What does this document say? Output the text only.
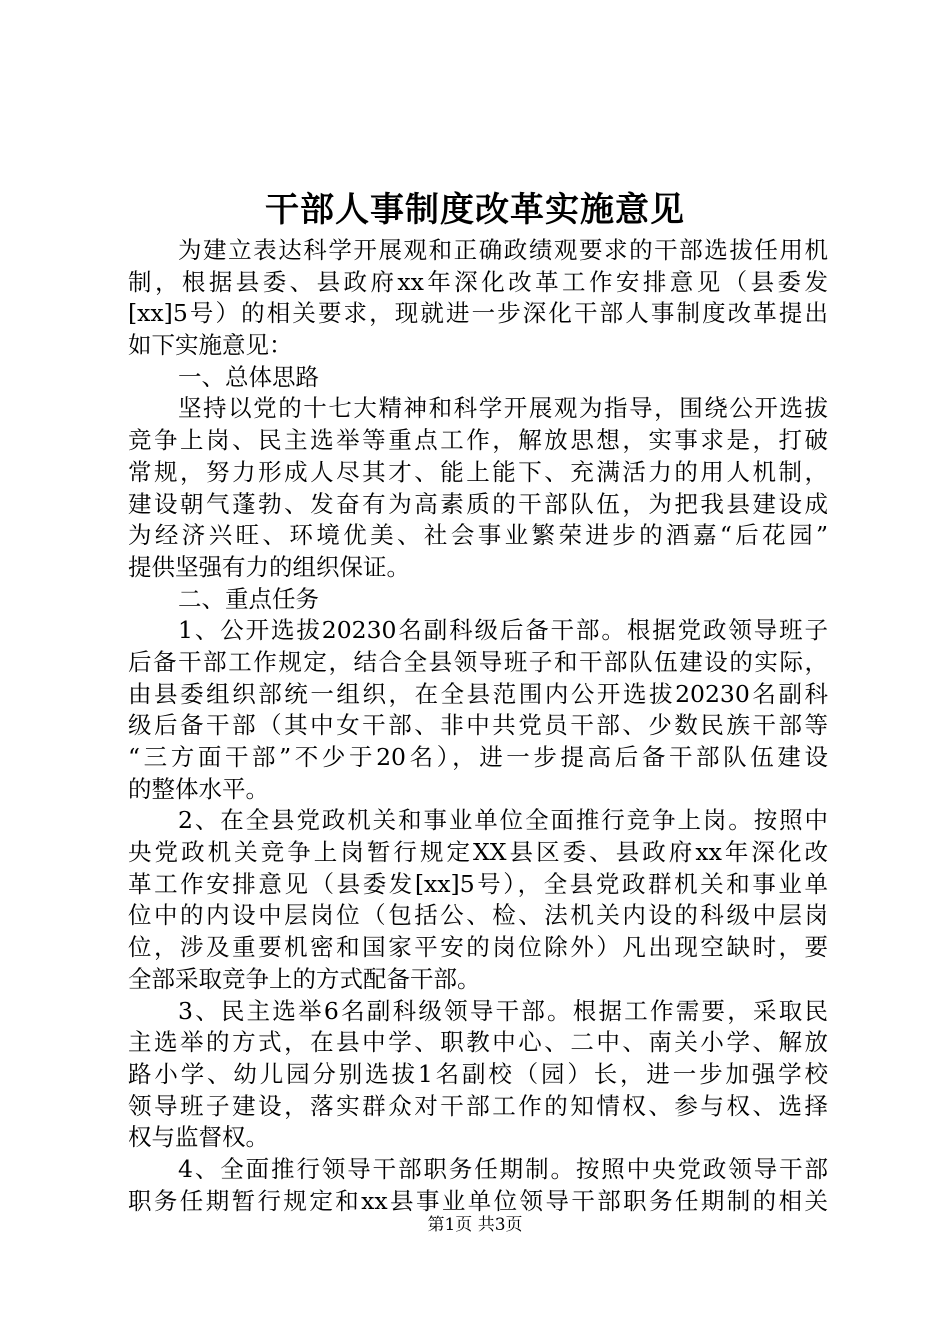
干部人事制度改革实施意见
为建立表达科学开展观和正确政绩观要求的干部选拔任用机
制，根据县委、县政府xx年深化改革工作安排意见（县委发
[xx]5号）的相关要求，现就进一步深化干部人事制度改革提出
如下实施意见：
一、总体思路
坚持以党的十七大精神和科学开展观为指导，围绕公开选拔
竞争上岗、民主选举等重点工作，解放思想，实事求是，打破
常规，努力形成人尽其才、能上能下、充满活力的用人机制，
建设朝气蓬勃、发奋有为高素质的干部队伍，为把我县建设成
为经济兴旺、环境优美、社会事业繁荣进步的酒嘉“后花园”
提供坚强有力的组织保证。
二、重点任务
1、公开选拔20230名副科级后备干部。根据党政领导班子
后备干部工作规定，结合全县领导班子和干部队伍建设的实际，
由县委组织部统一组织，在全县范围内公开选拔20230名副科
级后备干部（其中女干部、非中共党员干部、少数民族干部等
“三方面干部”不少于20名），进一步提高后备干部队伍建设
的整体水平。
2、在全县党政机关和事业单位全面推行竞争上岗。按照中
央党政机关竞争上岗暂行规定XX县区委、县政府xx年深化改
革工作安排意见（县委发[xx]5号），全县党政群机关和事业单
位中的内设中层岗位（包括公、检、法机关内设的科级中层岗
位，涉及重要机密和国家平安的岗位除外）凡出现空缺时，要
全部采取竞争上的方式配备干部。
3、民主选举6名副科级领导干部。根据工作需要，采取民
主选举的方式，在县中学、职教中心、二中、南关小学、解放
路小学、幼儿园分别选拔1名副校（园）长，进一步加强学校
领导班子建设，落实群众对干部工作的知情权、参与权、选择
权与监督权。
4、全面推行领导干部职务任期制。按照中央党政领导干部
职务任期暂行规定和xx县事业单位领导干部职务任期制的相关
第1页 共3页
